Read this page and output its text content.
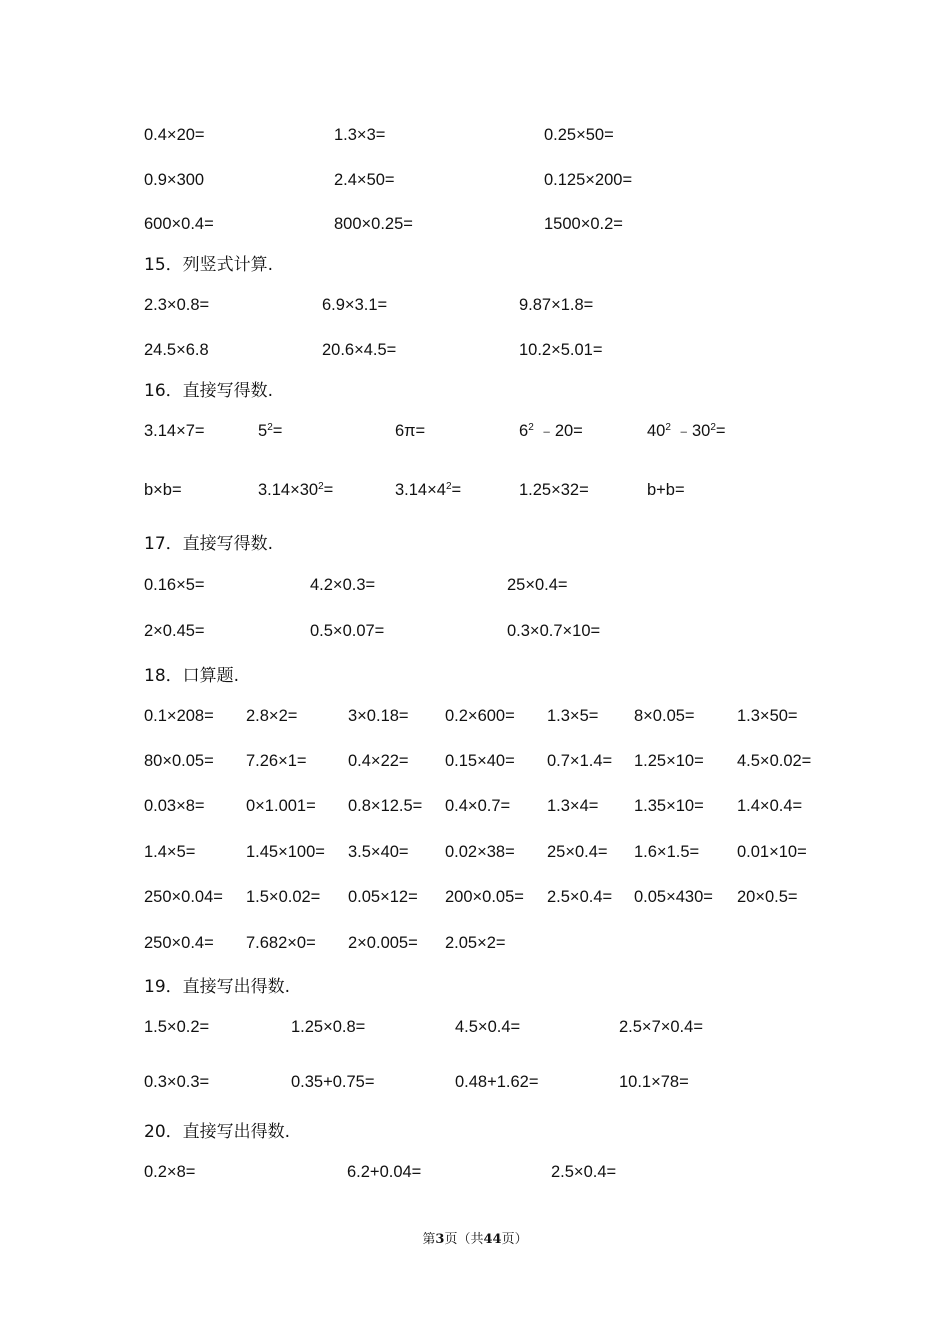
0.4×20=	1.3×3=	0.25×50=
0.9×300	2.4×50=	0.125×200=
600×0.4=	800×0.25=	1500×0.2=
15．列竖式计算.
2.3×0.8=	6.9×3.1=	9.87×1.8=
24.5×6.8	20.6×4.5=	10.2×5.01=
16．直接写得数.
3.14×7=	$5^2=$	6π=	$6^2$ ﹣20=	$40^2$ $﹣30^2=$
b×b=	$3.14\times 30^2=$	$3.14\times 4^2=$	1.25×32=	b+b=
17．直接写得数.
0.16×5=	4.2×0.3=	25×0.4=
2×0.45=	0.5×0.07=	0.3×0.7×10=
18．口算题.
0.1×208= 2.8×2=	3×0.18= 0.2×600= 1.3×5= 8×0.05=	1.3×50=
80×0.05= 7.26×1=	0.4×22= 0.15×40= 0.7×1.4= 1.25×10= 4.5×0.02=
0.03×8=	0×1.001= 0.8×12.5= 0.4×0.7= 1.3×4= 1.35×10= 1.4×0.4=
1.4×5=	1.45×100= 3.5×40= 0.02×38= 25×0.4= 1.6×1.5= 0.01×10=
250×0.04= 1.5×0.02= 0.05×12= 200×0.05= 2.5×0.4= 0.05×430= 20×0.5=
250×0.4= 7.682×0= 2×0.005= 2.05×2=
19．直接写出得数.
1.5×0.2=	1.25×0.8=	4.5×0.4=	2.5×7×0.4=
0.3×0.3=	0.35+0.75=	0.48+1.62=	10.1×78=
20．直接写出得数.
0.2×8=	6.2+0.04=	2.5×0.4=
第3页（共44页）
